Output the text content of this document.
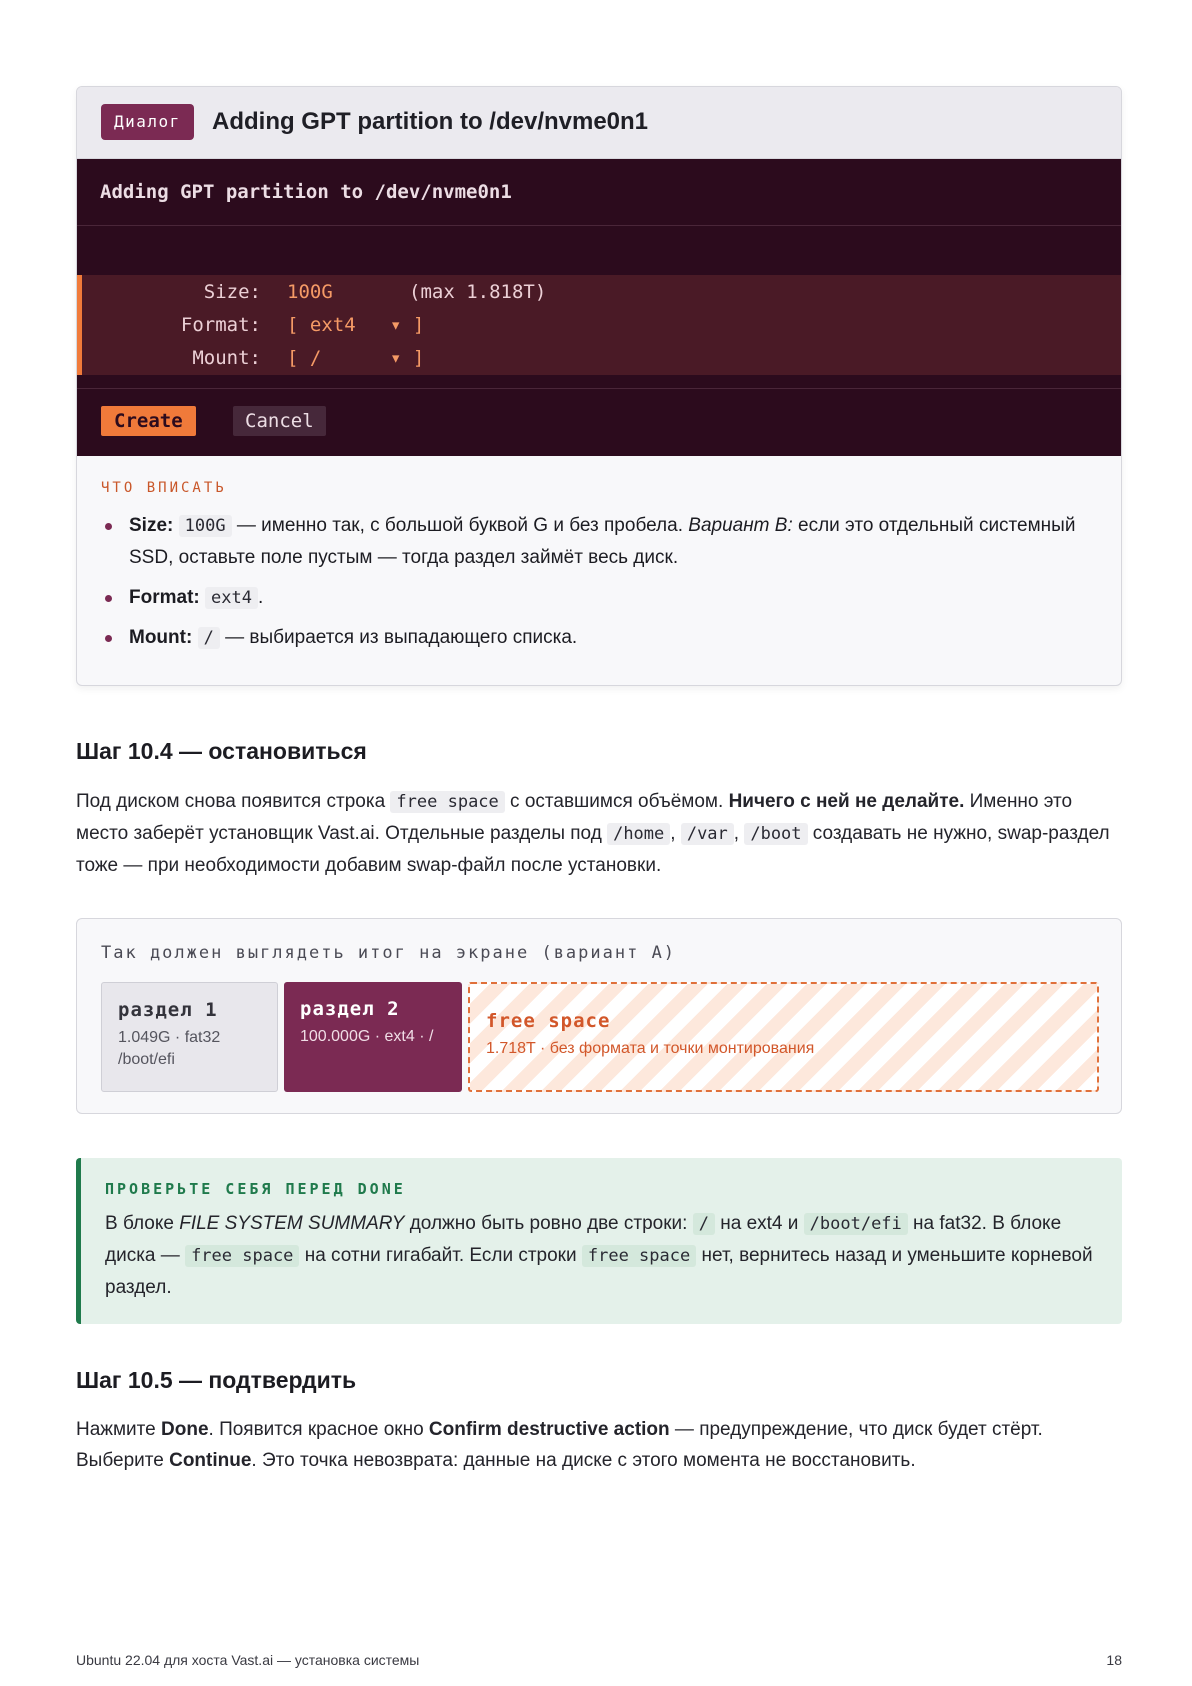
Диалог	Adding GPT partition to /dev/nvme0n1
Adding GPT partition to /dev/nvme0n1
Size: 100G	(max 1.818T)
Format: [ ext4   ▾ ]
Mount: [ /      ▾ ]
Create	Cancel
ЧТО ВПИСАТЬ
Size: 100G — именно так, с большой буквой G и без пробела. Вариант B: если это отдельный системный SSD, оставьте поле пустым — тогда раздел займёт весь диск.
Format: ext4 .
Mount: / — выбирается из выпадающего списка.
Шаг 10.4 — остановиться

Под диском снова появится строка free space с оставшимся объёмом. Ничего с ней не делайте. Именно это место заберёт установщик Vast.ai. Отдельные разделы под /home , /var , /boot создавать не нужно, swap-раздел тоже — при необходимости добавим swap-файл после установки.

Так должен выглядеть итог на экране (вариант А)
раздел 1
1.049G · fat32 /boot/efi
раздел 2
100.000G · ext4 · /
free space
1.718T · без формата и точки монтирования
ПРОВЕРЬТЕ СЕБЯ ПЕРЕД DONE

В блоке FILE SYSTEM SUMMARY должно быть ровно две строки: / на ext4 и /boot/efi на fat32. В блоке диска — free space на сотни гигабайт. Если строки free space нет, вернитесь назад и уменьшите корневой раздел.

Шаг 10.5 — подтвердить

Нажмите Done. Появится красное окно Confirm destructive action — предупреждение, что диск будет стёрт. Выберите Continue. Это точка невозврата: данные на диске с этого момента не восстановить.

Ubuntu 22.04 для хоста Vast.ai — установка системы	18
